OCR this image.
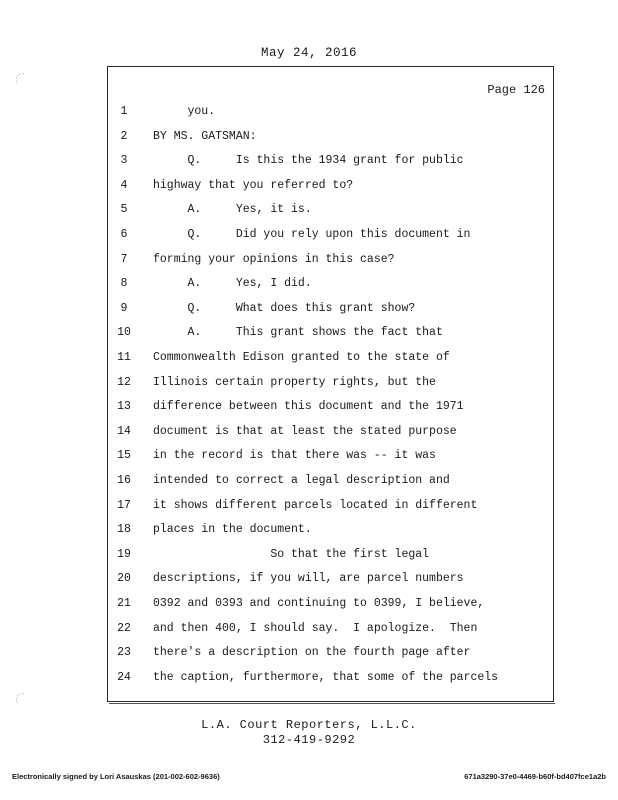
May 24, 2016
Page 126
1	you.
2	BY MS. GATSMAN:
3	Q.     Is this the 1934 grant for public
4	highway that you referred to?
5	A.     Yes, it is.
6	Q.     Did you rely upon this document in
7	forming your opinions in this case?
8	A.     Yes, I did.
9	Q.     What does this grant show?
10	A.     This grant shows the fact that
11	Commonwealth Edison granted to the state of
12	Illinois certain property rights, but the
13	difference between this document and the 1971
14	document is that at least the stated purpose
15	in the record is that there was -- it was
16	intended to correct a legal description and
17	it shows different parcels located in different
18	places in the document.
19	So that the first legal
20	descriptions, if you will, are parcel numbers
21	0392 and 0393 and continuing to 0399, I believe,
22	and then 400, I should say.  I apologize.  Then
23	there's a description on the fourth page after
24	the caption, furthermore, that some of the parcels
L.A. Court Reporters, L.L.C.
312-419-9292
Electronically signed by Lori Asauskas (201-002-602-9636)	671a3290-37e0-4469-b60f-bd407fce1a2b
